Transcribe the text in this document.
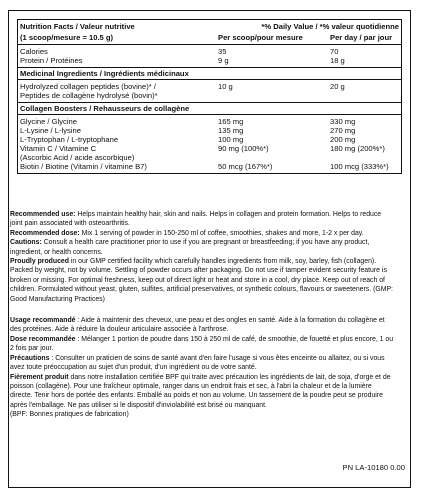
Nutrition Facts / Valeur nutritive	*% Daily Value / *% valeur quotidienne
(1 scoop/mesure = 10.5 g)	Per scoop/pour mesure	Per day / par jour
Calories	35	70
Protein / Protéines	9 g	18 g
Medicinal Ingredients / Ingrédients médicinaux
Hydrolyzed collagen peptides (bovine)* /
Peptides de collagène hydrolysé (bovin)*
10 g	20 g
Collagen Boosters / Rehausseurs de collagène
Glycine / Glycine	165 mg	330 mg
L-Lysine / L-lysine	135 mg	270 mg
L-Tryptophan / L-tryptophane	100 mg	200 mg
Vitamin C / Vitamine C	90 mg (100%*)	180 mg (200%*)
(Ascorbic Acid / acide ascorbique)
Biotin / Biotine (Vitamin / vitamine B7)	50 mcg (167%*)	100 mcg (333%*)

Recommended use: Helps maintain healthy hair, skin and nails. Helps in collagen and protein formation. Helps to reduce joint pain associated with osteoarthritis.

Recommended dose: Mix 1 serving of powder in 150-250 ml of coffee, smoothies, shakes and more, 1-2 x per day.

Cautions: Consult a health care practitioner prior to use if you are pregnant or breastfeeding; if you have any product, ingredient, or health concerns.

Proudly produced in our GMP certified facility which carefully handles ingredients from milk, soy, barley, fish (collagen). Packed by weight, not by volume. Settling of powder occurs after packaging. Do not use if tamper evident security feature is broken or missing. For optimal freshness, keep out of direct light or heat and store in a cool, dry place. Keep out of reach of children. Formulated without yeast, gluten, sulfites, artificial preservatives, or synthetic colours, flavours or sweeteners. (GMP: Good Manufacturing Practices)

Usage recommandé : Aide à maintenir des cheveux, une peau et des ongles en santé. Aide à la formation du collagène et des protéines. Aide à réduire la douleur articulaire associée à l'arthrose.

Dose recommandée : Mélanger 1 portion de poudre dans 150 à 250 ml de café, de smoothie, de fouetté et plus encore, 1 ou 2 fois par jour.

Précautions : Consulter un praticien de soins de santé avant d'en faire l'usage si vous êtes enceinte ou allaitez, ou si vous avez toute préoccupation au sujet d'un produit, d'un ingrédient ou de votre santé.

Fièrement produit dans notre installation certifiée BPF qui traite avec précaution les ingrédients de lait, de soja, d'orge et de poisson (collagène). Pour une fraîcheur optimale, ranger dans un endroit frais et sec, à l'abri la chaleur et de la lumière directe. Tenir hors de portée des enfants. Emballé au poids et non au volume. Un tassement de la poudre peut se produire après l'emballage. Ne pas utiliser si le dispositif d'inviolabilité est brisé ou manquant.

(BPF: Bonnes pratiques de fabrication)

PN LA-10180 0.00
